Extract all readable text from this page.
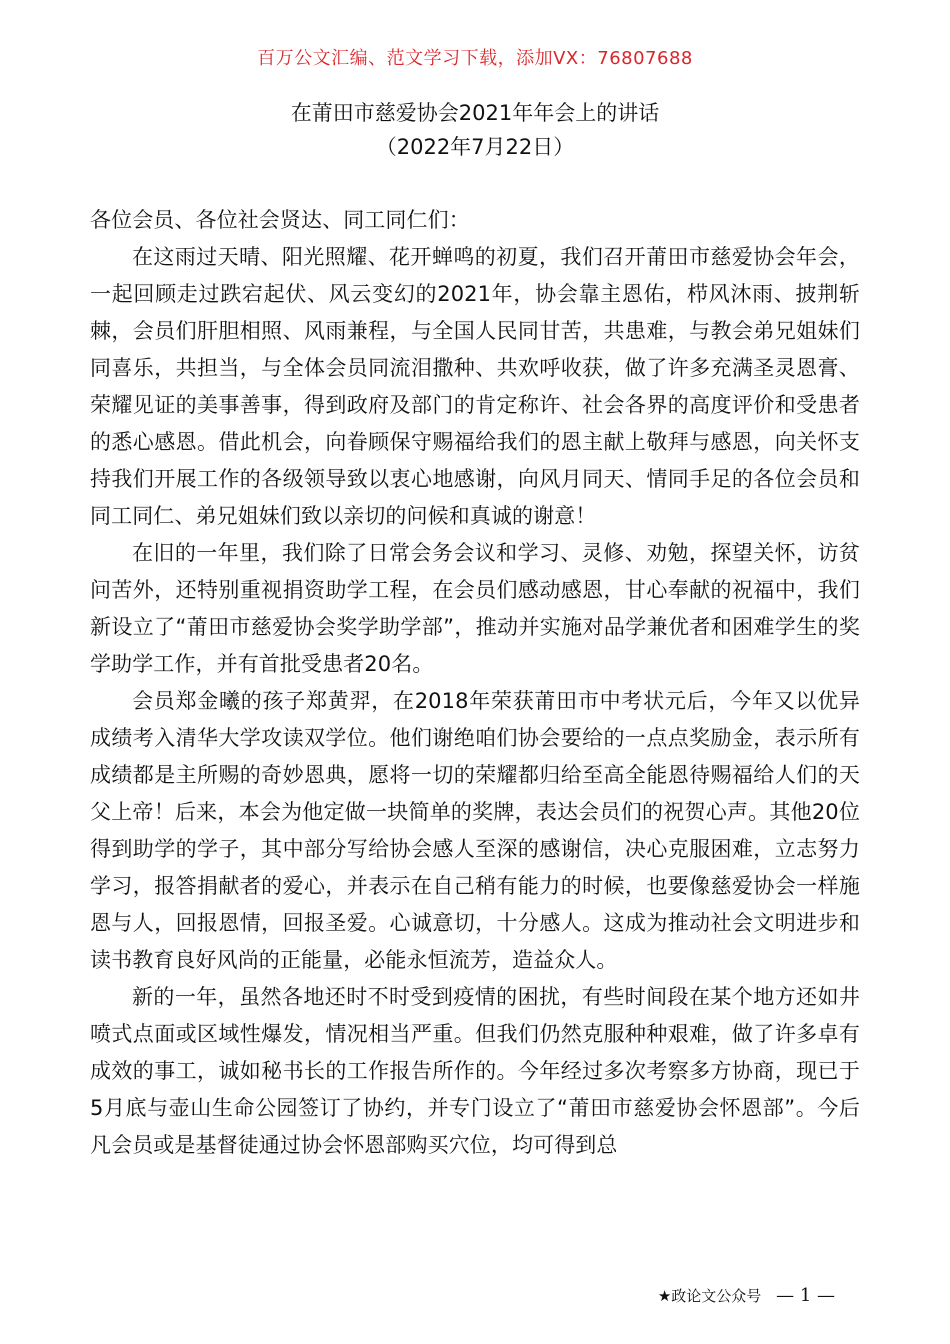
百万公文汇编、范文学习下载，添加VX：76807688
在莆田市慈爱协会2021年年会上的讲话
（2022年7月22日）

各位会员、各位社会贤达、同工同仁们：

在这雨过天晴、阳光照耀、花开蝉鸣的初夏，我们召开莆田市慈爱协会年会，一起回顾走过跌宕起伏、风云变幻的2021年，协会靠主恩佑，栉风沐雨、披荆斩棘，会员们肝胆相照、风雨兼程，与全国人民同甘苦，共患难，与教会弟兄姐妹们同喜乐，共担当，与全体会员同流泪撒种、共欢呼收获，做了许多充满圣灵恩膏、荣耀见证的美事善事，得到政府及部门的肯定称许、社会各界的高度评价和受患者的悉心感恩。借此机会，向眷顾保守赐福给我们的恩主献上敬拜与感恩，向关怀支持我们开展工作的各级领导致以衷心地感谢，向风月同天、情同手足的各位会员和同工同仁、弟兄姐妹们致以亲切的问候和真诚的谢意！

在旧的一年里，我们除了日常会务会议和学习、灵修、劝勉，探望关怀，访贫问苦外，还特别重视捐资助学工程，在会员们感动感恩，甘心奉献的祝福中，我们新设立了“莆田市慈爱协会奖学助学部”，推动并实施对品学兼优者和困难学生的奖学助学工作，并有首批受患者20名。

会员郑金曦的孩子郑黄羿，在2018年荣获莆田市中考状元后，今年又以优异成绩考入清华大学攻读双学位。他们谢绝咱们协会要给的一点点奖励金，表示所有成绩都是主所赐的奇妙恩典，愿将一切的荣耀都归给至高全能恩待赐福给人们的天父上帝！后来，本会为他定做一块简单的奖牌，表达会员们的祝贺心声。其他20位得到助学的学子，其中部分写给协会感人至深的感谢信，决心克服困难，立志努力学习，报答捐献者的爱心，并表示在自己稍有能力的时候，也要像慈爱协会一样施恩与人，回报恩情，回报圣爱。心诚意切，十分感人。这成为推动社会文明进步和读书教育良好风尚的正能量，必能永恒流芳，造益众人。

新的一年，虽然各地还时不时受到疫情的困扰，有些时间段在某个地方还如井喷式点面或区域性爆发，情况相当严重。但我们仍然克服种种艰难，做了许多卓有成效的事工，诚如秘书长的工作报告所作的。今年经过多次考察多方协商，现已于5月底与壶山生命公园签订了协约，并专门设立了“莆田市慈爱协会怀恩部”。今后凡会员或是基督徒通过协会怀恩部购买穴位，均可得到总

★政论文公众号 — 1 —
